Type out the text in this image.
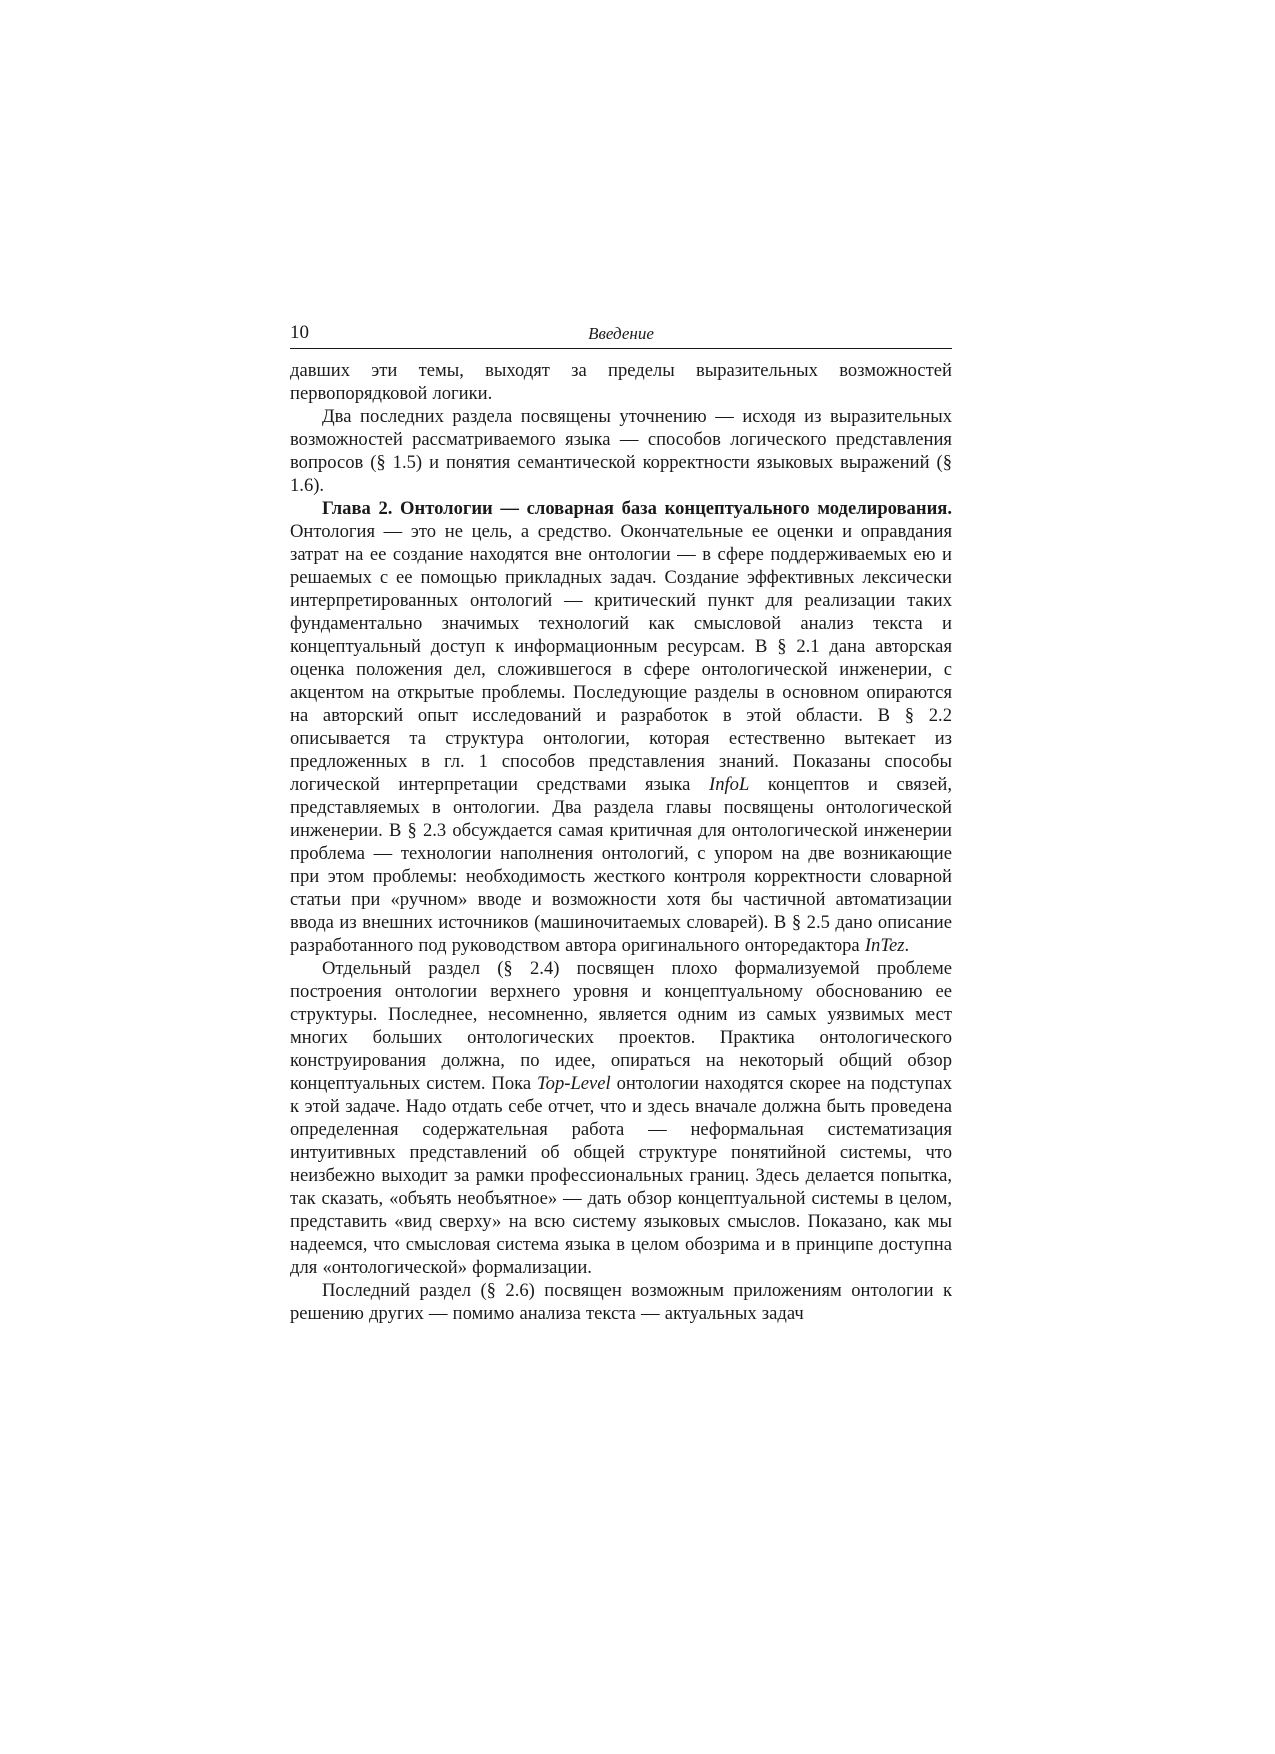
10	Введение

давших эти темы, выходят за пределы выразительных возможностей первопорядковой логики.

Два последних раздела посвящены уточнению — исходя из выразительных возможностей рассматриваемого языка — способов логического представления вопросов (§ 1.5) и понятия семантической корректности языковых выражений (§ 1.6).

Глава 2. Онтологии — словарная база концептуального моделирования. Онтология — это не цель, а средство. Окончательные ее оценки и оправдания затрат на ее создание находятся вне онтологии — в сфере поддерживаемых ею и решаемых с ее помощью прикладных задач. Создание эффективных лексически интерпретированных онтологий — критический пункт для реализации таких фундаментально значимых технологий как смысловой анализ текста и концептуальный доступ к информационным ресурсам. В § 2.1 дана авторская оценка положения дел, сложившегося в сфере онтологической инженерии, с акцентом на открытые проблемы. Последующие разделы в основном опираются на авторский опыт исследований и разработок в этой области. В § 2.2 описывается та структура онтологии, которая естественно вытекает из предложенных в гл. 1 способов представления знаний. Показаны способы логической интерпретации средствами языка InfoL концептов и связей, представляемых в онтологии. Два раздела главы посвящены онтологической инженерии. В § 2.3 обсуждается самая критичная для онтологической инженерии проблема — технологии наполнения онтологий, с упором на две возникающие при этом проблемы: необходимость жесткого контроля корректности словарной статьи при «ручном» вводе и возможности хотя бы частичной автоматизации ввода из внешних источников (машиночитаемых словарей). В § 2.5 дано описание разработанного под руководством автора оригинального онторедактора InTez.

Отдельный раздел (§ 2.4) посвящен плохо формализуемой проблеме построения онтологии верхнего уровня и концептуальному обоснованию ее структуры. Последнее, несомненно, является одним из самых уязвимых мест многих больших онтологических проектов. Практика онтологического конструирования должна, по идее, опираться на некоторый общий обзор концептуальных систем. Пока Top-Level онтологии находятся скорее на подступах к этой задаче. Надо отдать себе отчет, что и здесь вначале должна быть проведена определенная содержательная работа — неформальная систематизация интуитивных представлений об общей структуре понятийной системы, что неизбежно выходит за рамки профессиональных границ. Здесь делается попытка, так сказать, «объять необъятное» — дать обзор концептуальной системы в целом, представить «вид сверху» на всю систему языковых смыслов. Показано, как мы надеемся, что смысловая система языка в целом обозрима и в принципе доступна для «онтологической» формализации.

Последний раздел (§ 2.6) посвящен возможным приложениям онтологии к решению других — помимо анализа текста — актуальных задач
